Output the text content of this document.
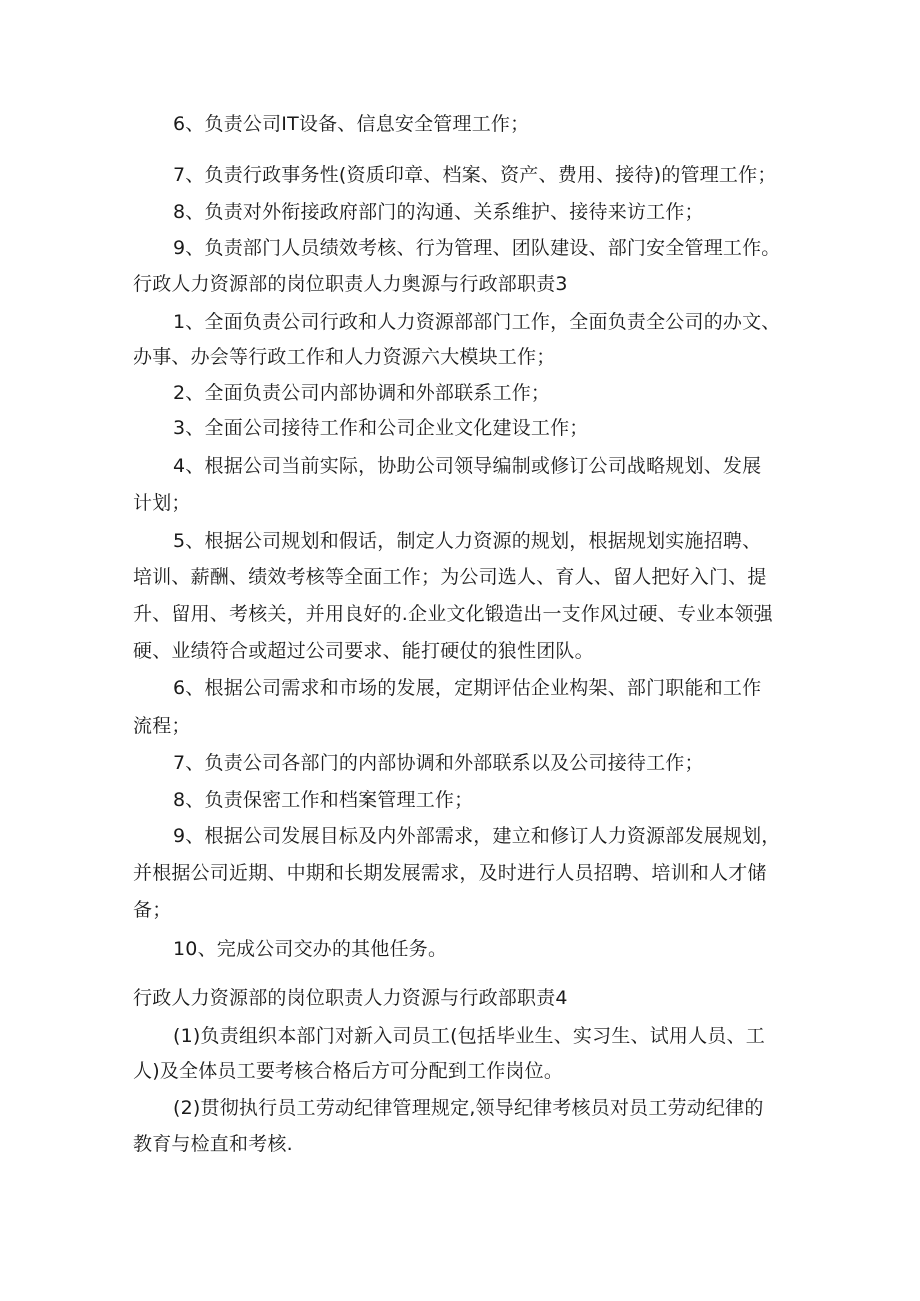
6、负责公司IT设备、信息安全管理工作；
7、负责行政事务性(资质印章、档案、资产、费用、接待)的管理工作；
8、负责对外衔接政府部门的沟通、关系维护、接待来访工作；
9、负责部门人员绩效考核、行为管理、团队建设、部门安全管理工作。
行政人力资源部的岗位职责人力奥源与行政部职责3
1、全面负责公司行政和人力资源部部门工作，全面负责全公司的办文、
办事、办会等行政工作和人力资源六大模块工作；
2、全面负责公司内部协调和外部联系工作；
3、全面公司接待工作和公司企业文化建设工作；
4、根据公司当前实际，协助公司领导编制或修订公司战略规划、发展
计划；
5、根据公司规划和假话，制定人力资源的规划，根据规划实施招聘、
培训、薪酬、绩效考核等全面工作；为公司选人、育人、留人把好入门、提
升、留用、考核关，并用良好的.企业文化锻造出一支作风过硬、专业本领强
硬、业绩符合或超过公司要求、能打硬仗的狼性团队。
6、根据公司需求和市场的发展，定期评估企业构架、部门职能和工作
流程；
7、负责公司各部门的内部协调和外部联系以及公司接待工作；
8、负责保密工作和档案管理工作；
9、根据公司发展目标及内外部需求，建立和修订人力资源部发展规划，
并根据公司近期、中期和长期发展需求，及时进行人员招聘、培训和人才储
备；
10、完成公司交办的其他任务。
行政人力资源部的岗位职责人力资源与行政部职责4
(1)负责组织本部门对新入司员工(包括毕业生、实习生、试用人员、工
人)及全体员工要考核合格后方可分配到工作岗位。
(2)贯彻执行员工劳动纪律管理规定,领导纪律考核员对员工劳动纪律的
教育与检直和考核.
